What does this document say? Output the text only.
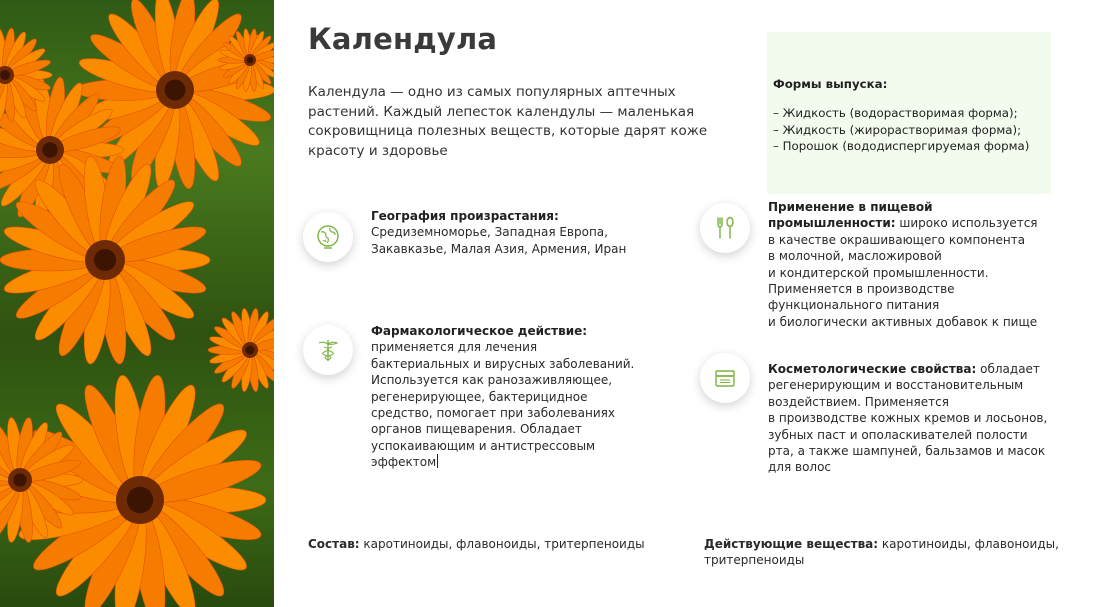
Календула
Календула — одно из самых популярных аптечных
растений. Каждый лепесток календулы — маленькая
сокровищница полезных веществ, которые дарят коже
красоту и здоровье
Формы выпуска:
– Жидкость (водорастворимая форма);
– Жидкость (жирорастворимая форма);
– Порошок (вододиспергируемая форма)
География произрастания:
Средиземноморье, Западная Европа,
Закавказье, Малая Азия, Армения, Иран
Фармакологическое действие:
применяется для лечения
бактериальных и вирусных заболеваний.
Используется как ранозаживляющее,
регенерирующее, бактерицидное
средство, помогает при заболеваниях
органов пищеварения. Обладает
успокаивающим и антистрессовым
эффектом
Применение в пищевой
промышленности: широко используется
в качестве окрашивающего компонента
в молочной, масложировой
и кондитерской промышленности.
Применяется в производстве
функционального питания
и биологически активных добавок к пище
Косметологические свойства: обладает
регенерирующим и восстановительным
воздействием. Применяется
в производстве кожных кремов и лосьонов,
зубных паст и ополаскивателей полости
рта, а также шампуней, бальзамов и масок
для волос
Состав: каротиноиды, флавоноиды, тритерпеноиды	Действующие вещества: каротиноиды, флавоноиды,
тритерпеноиды
